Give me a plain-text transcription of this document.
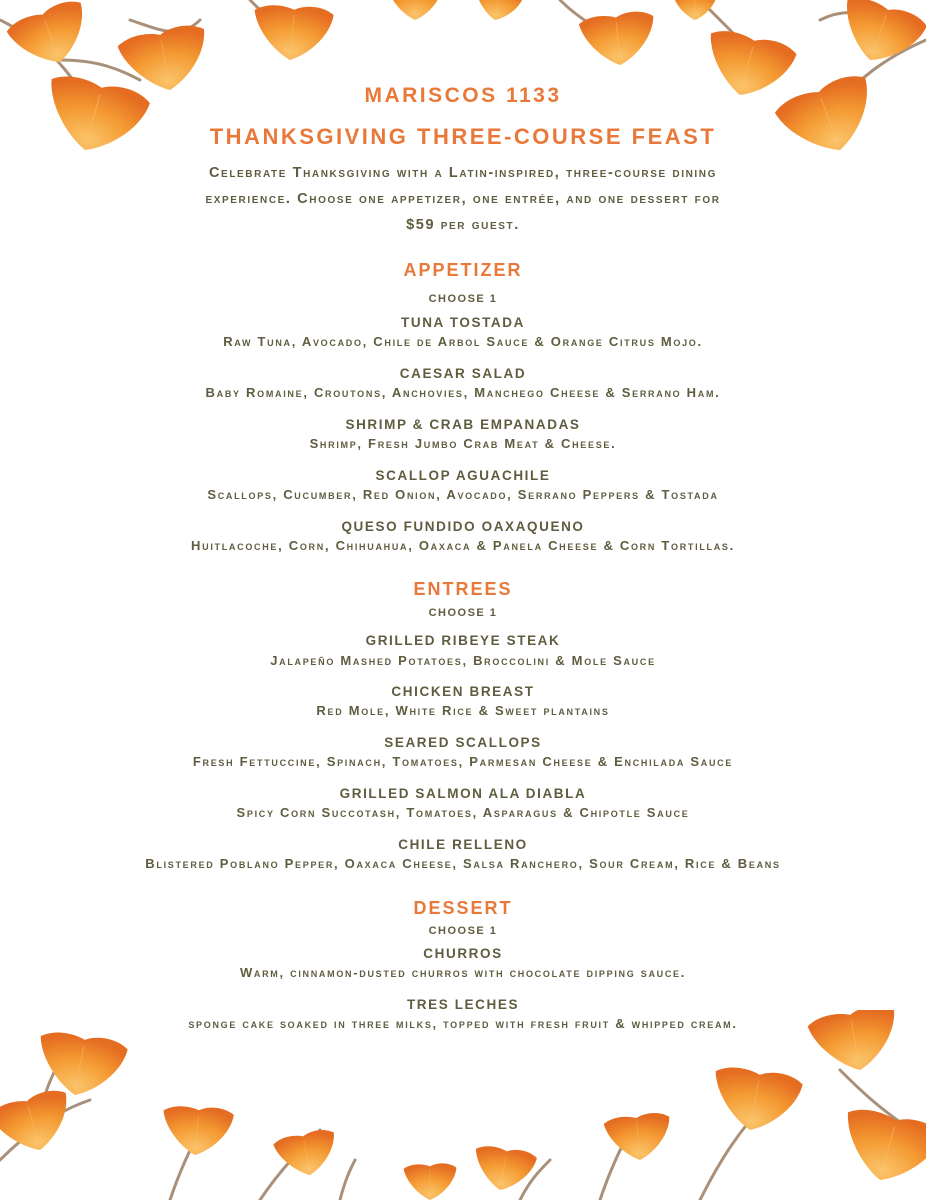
MARISCOS 1133
THANKSGIVING THREE-COURSE FEAST

Celebrate Thanksgiving with a Latin-inspired, three-course dining experience. Choose one appetizer, one entrée, and one dessert for $59 per guest.

APPETIZER
CHOOSE 1
TUNA TOSTADA
Raw Tuna, Avocado, Chile de Arbol Sauce & Orange Citrus Mojo.
CAESAR SALAD
Baby Romaine, Croutons, Anchovies, Manchego Cheese & Serrano Ham.
SHRIMP & CRAB EMPANADAS
Shrimp, Fresh Jumbo Crab Meat & Cheese.
SCALLOP AGUACHILE
Scallops, Cucumber, Red Onion, Avocado, Serrano Peppers & Tostada
QUESO FUNDIDO OAXAQUENO
Huitlacoche, Corn, Chihuahua, Oaxaca & Panela Cheese & Corn Tortillas.
ENTREES
CHOOSE 1
GRILLED RIBEYE STEAK
Jalapeño Mashed Potatoes, Broccolini & Mole Sauce
CHICKEN BREAST
Red Mole, White Rice & Sweet plantains
SEARED SCALLOPS
Fresh Fettuccine, Spinach, Tomatoes, Parmesan Cheese & Enchilada Sauce
GRILLED SALMON ALA DIABLA
Spicy Corn Succotash, Tomatoes, Asparagus & Chipotle Sauce
CHILE RELLENO
Blistered Poblano Pepper, Oaxaca Cheese, Salsa Ranchero, Sour Cream, Rice & Beans
DESSERT
CHOOSE 1
CHURROS
Warm, cinnamon-dusted churros with chocolate dipping sauce.
TRES LECHES
sponge cake soaked in three milks, topped with fresh fruit & whipped cream.
